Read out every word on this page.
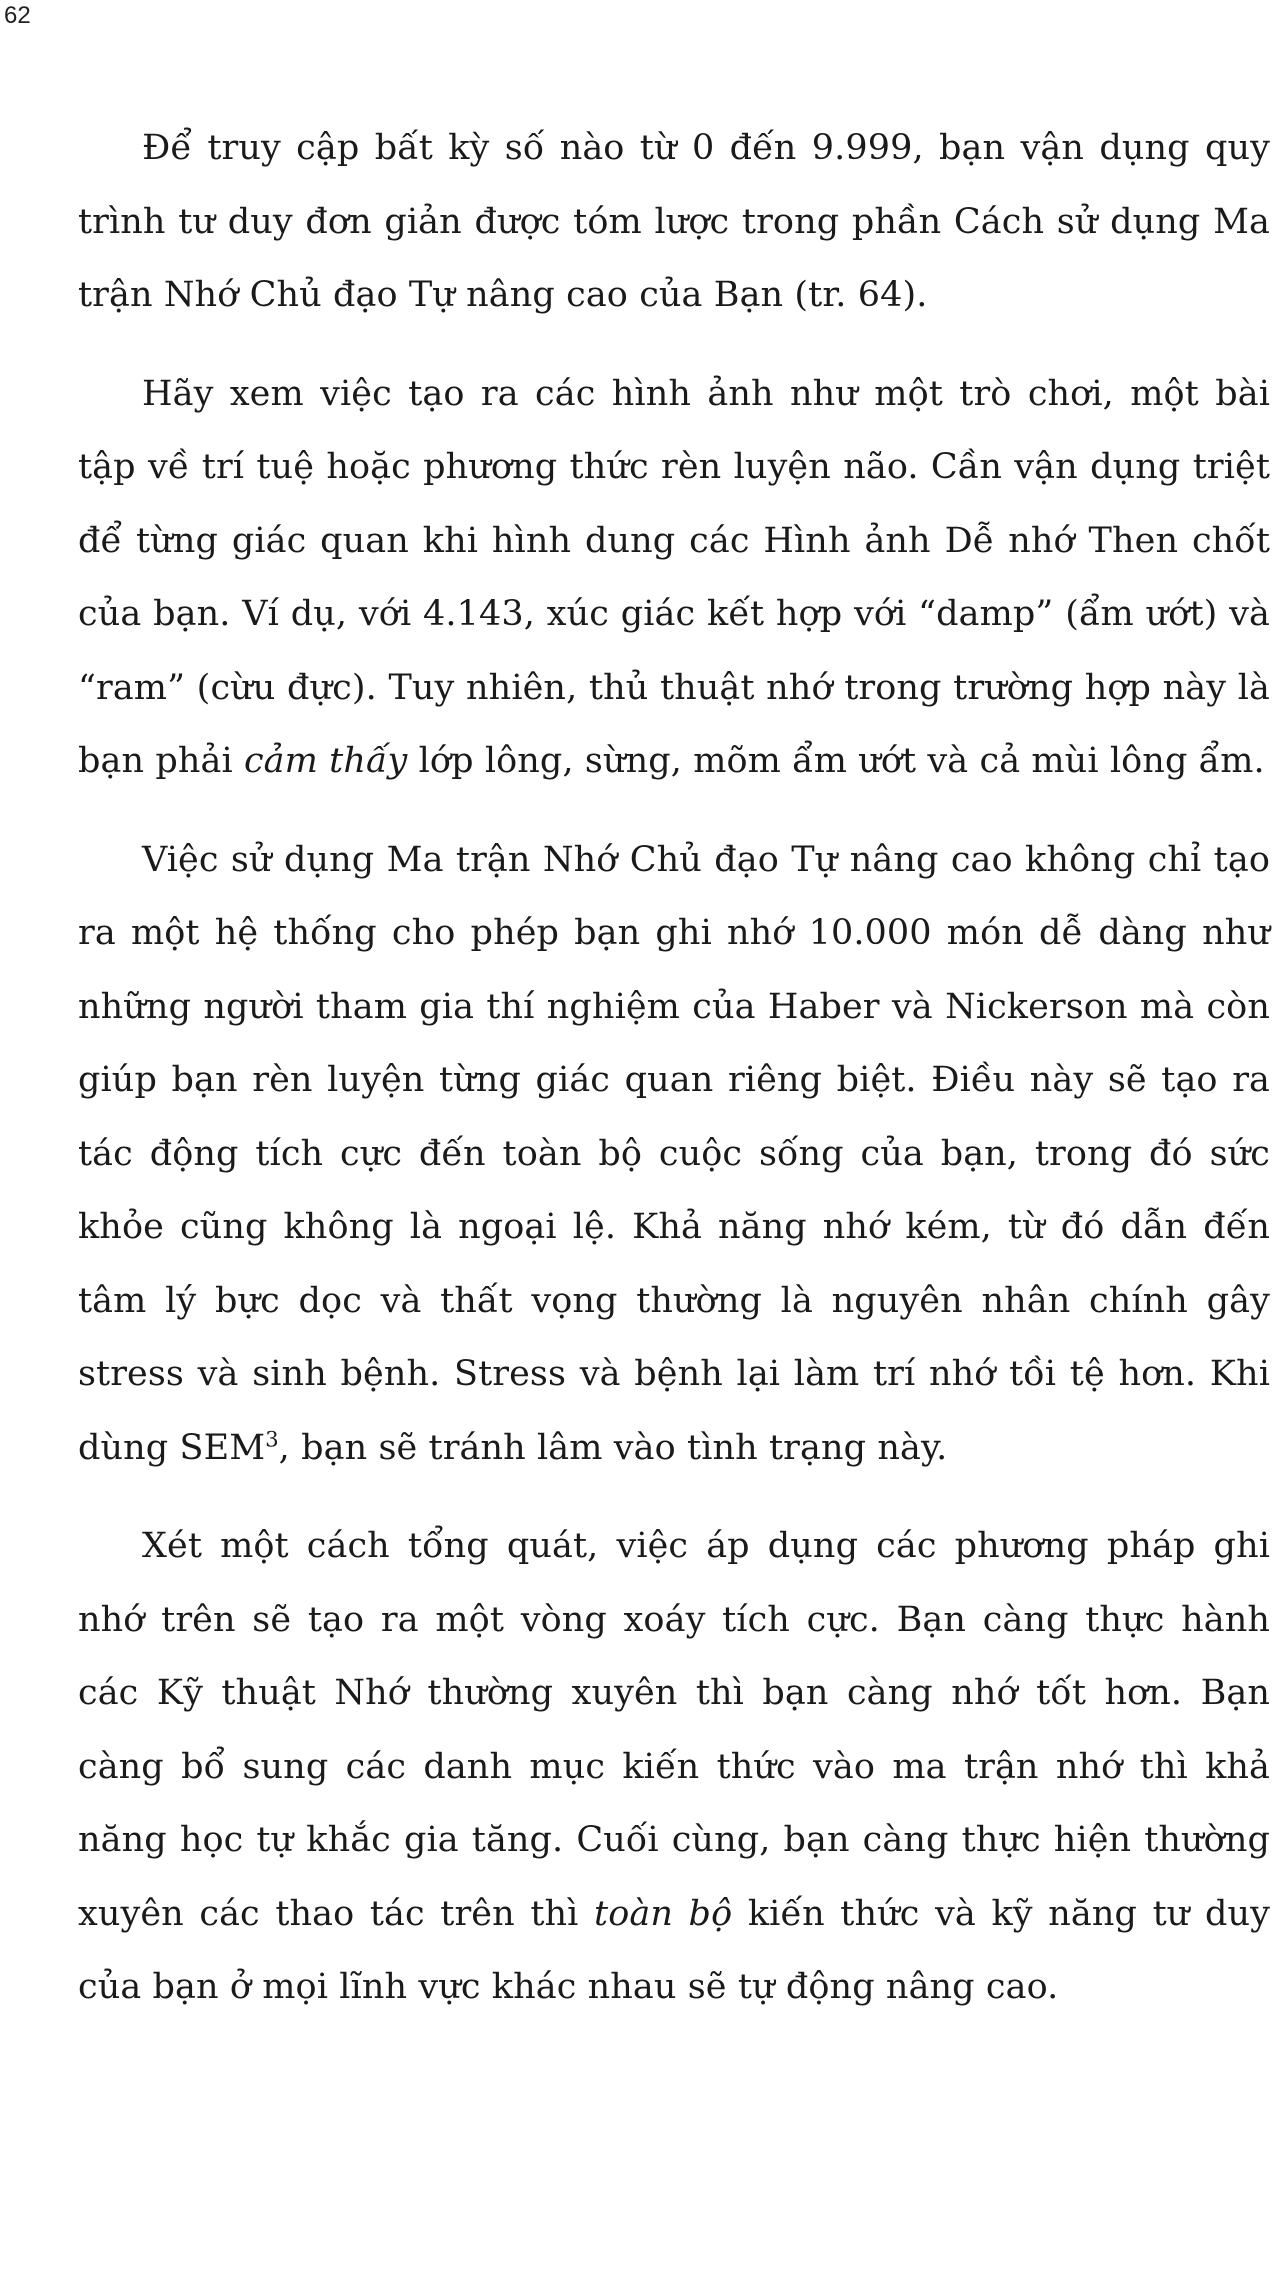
62

Để truy cập bất kỳ số nào từ 0 đến 9.999, bạn vận dụng quy trình tư duy đơn giản được tóm lược trong phần Cách sử dụng Ma trận Nhớ Chủ đạo Tự nâng cao của Bạn (tr. 64).

Hãy xem việc tạo ra các hình ảnh như một trò chơi, một bài tập về trí tuệ hoặc phương thức rèn luyện não. Cần vận dụng triệt để từng giác quan khi hình dung các Hình ảnh Dễ nhớ Then chốt của bạn. Ví dụ, với 4.143, xúc giác kết hợp với “damp” (ẩm ướt) và “ram” (cừu đực). Tuy nhiên, thủ thuật nhớ trong trường hợp này là bạn phải cảm thấy lớp lông, sừng, mõm ẩm ướt và cả mùi lông ẩm.

Việc sử dụng Ma trận Nhớ Chủ đạo Tự nâng cao không chỉ tạo ra một hệ thống cho phép bạn ghi nhớ 10.000 món dễ dàng như những người tham gia thí nghiệm của Haber và Nickerson mà còn giúp bạn rèn luyện từng giác quan riêng biệt. Điều này sẽ tạo ra tác động tích cực đến toàn bộ cuộc sống của bạn, trong đó sức khỏe cũng không là ngoại lệ. Khả năng nhớ kém, từ đó dẫn đến tâm lý bực dọc và thất vọng thường là nguyên nhân chính gây stress và sinh bệnh. Stress và bệnh lại làm trí nhớ tồi tệ hơn. Khi dùng SEM$^3$, bạn sẽ tránh lâm vào tình trạng này.

Xét một cách tổng quát, việc áp dụng các phương pháp ghi nhớ trên sẽ tạo ra một vòng xoáy tích cực. Bạn càng thực hành các Kỹ thuật Nhớ thường xuyên thì bạn càng nhớ tốt hơn. Bạn càng bổ sung các danh mục kiến thức vào ma trận nhớ thì khả năng học tự khắc gia tăng. Cuối cùng, bạn càng thực hiện thường xuyên các thao tác trên thì toàn bộ kiến thức và kỹ năng tư duy của bạn ở mọi lĩnh vực khác nhau sẽ tự động nâng cao.
